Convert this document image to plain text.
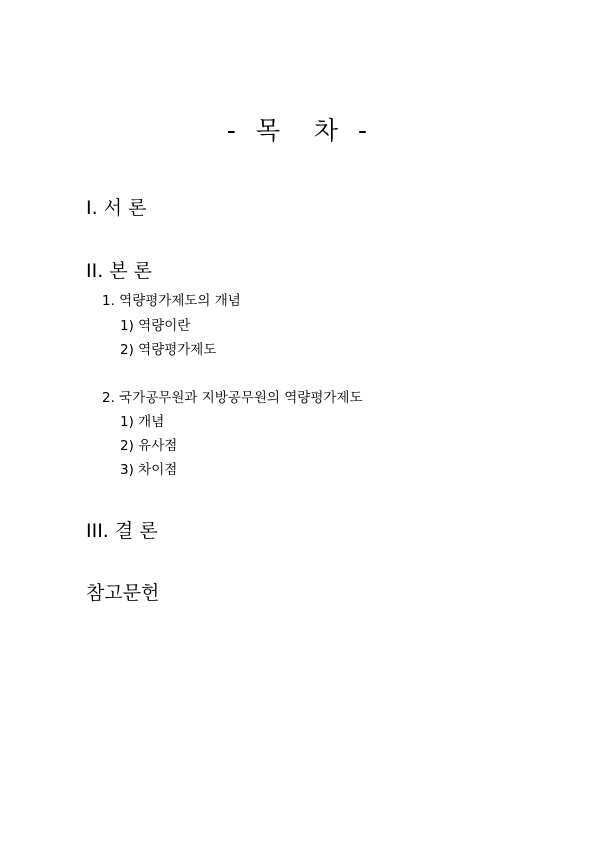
- 목  차 -
I. 서 론
II. 본 론
1. 역량평가제도의 개념
1) 역량이란
2) 역량평가제도
2. 국가공무원과 지방공무원의 역량평가제도
1) 개념
2) 유사점
3) 차이점
III. 결 론
참고문헌
